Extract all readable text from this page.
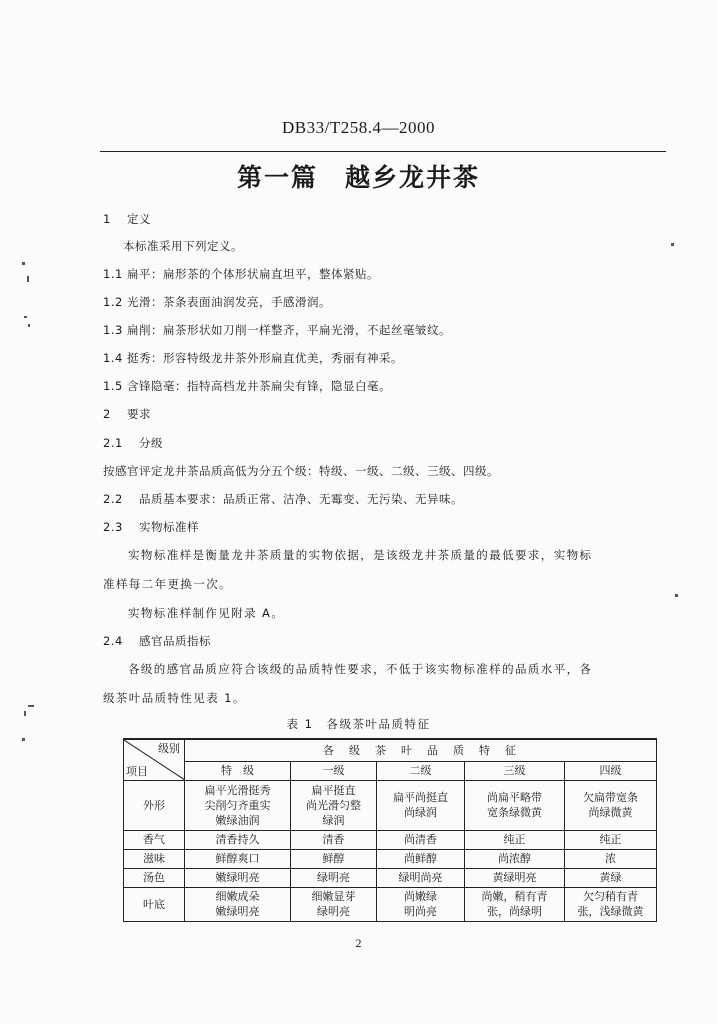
DB33/T258.4—2000
第一篇　越乡龙井茶
1 定义
本标准采用下列定义。
1.1 扁平：扁形茶的个体形状扁直坦平，整体紧贴。
1.2 光滑：茶条表面油润发亮，手感滑润。
1.3 扁削：扁茶形状如刀削一样整齐，平扁光滑，不起丝毫皱纹。
1.4 挺秀：形容特级龙井茶外形扁直优美，秀丽有神采。
1.5 含锋隐毫：指特高档龙井茶扁尖有锋，隐显白毫。
2 要求
2.1 分级
按感官评定龙井茶品质高低为分五个级：特级、一级、二级、三级、四级。
2.2 品质基本要求：品质正常、洁净、无霉变、无污染、无异味。
2.3 实物标准样
实物标准样是衡量龙井茶质量的实物依据，是该级龙井茶质量的最低要求，实物标
准样每二年更换一次。
实物标准样制作见附录 A。
2.4 感官品质指标
各级的感官品质应符合该级的品质特性要求，不低于该实物标准样的品质水平，各
级茶叶品质特性见表 1。
表 1　各级茶叶品质特征
级别
项目	各　级　茶　叶　品　质　特　征				
	特　级	一级	二级	三级	四级
外形	扁平光滑挺秀
尖削匀齐重实
嫩绿油润	扁平挺直
尚光滑匀整
绿润	扁平尚挺直
尚绿润	尚扁平略带
宽条绿微黄	欠扁带宽条
尚绿微黄
香气	清香持久	清香	尚清香	纯正	纯正
滋味	鲜醇爽口	鲜醇	尚鲜醇	尚浓醇	浓
汤色	嫩绿明亮	绿明亮	绿明尚亮	黄绿明亮	黄绿
叶底	细嫩成朵
嫩绿明亮	细嫩显芽
绿明亮	尚嫩绿
明尚亮	尚嫩，稍有青
张，尚绿明	欠匀稍有青
张，浅绿微黄
2
